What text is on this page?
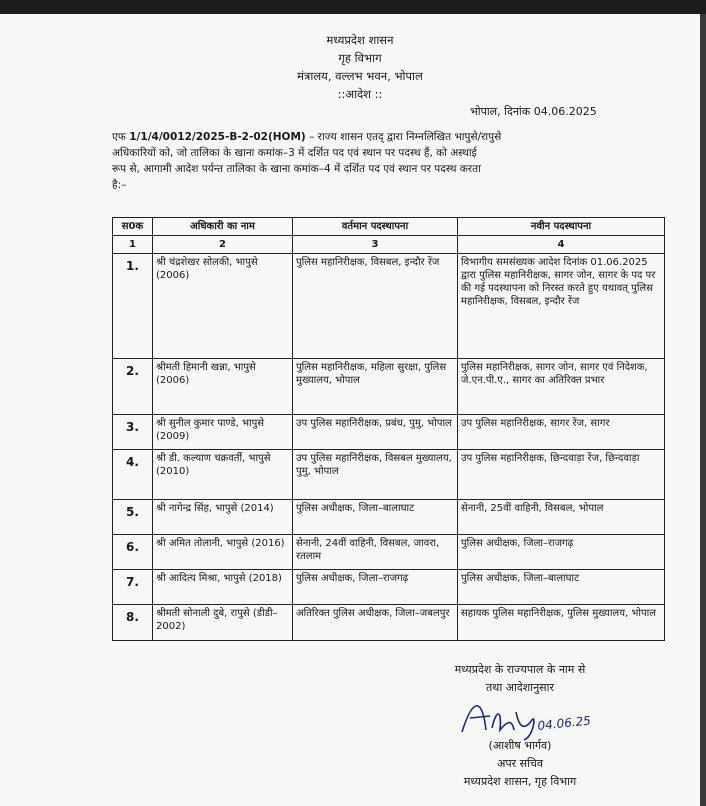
मध्यप्रदेश शासन
गृह विभाग
मंत्रालय, वल्लभ भवन, भोपाल
::आदेश ::
भोपाल, दिनांक 04.06.2025
एफ 1/1/4/0012/2025-B-2-02(HOM) – राज्य शासन एतद् द्वारा निम्नलिखित भापुसे/रापुसे
अधिकारियों को, जो तालिका के खाना कमांक–3 में दर्शित पद एवं स्थान पर पदस्थ हैं, को अस्थाई
रूप से, आगामी आदेश पर्यन्त तालिका के खाना कमांक–4 में दर्शित पद एवं स्थान पर पदस्थ करता
है:–
स0क	अधिकारी का नाम	वर्तमान पदस्थापना	नवीन पदस्थापना
1	2	3	4
1.	श्री चंद्रशेखर सोलकी, भापुसे (2006)	पुलिस महानिरीक्षक, विसबल, इन्दौर रेंज	विभागीय समसंख्यक आदेश दिनांक 01.06.2025 द्वारा पुलिस महानिरीक्षक, सागर जोन, सागर के पद पर की गई पदस्थापना को निरस्त करते हुए यथावत् पुलिस महानिरीक्षक, विसबल, इन्दौर रेंज
2.	श्रीमती हिमानी खन्ना, भापुसे (2006)	पुलिस महानिरीक्षक, महिला सुरक्षा, पुलिस मुख्यालय, भोपाल	पुलिस महानिरीक्षक, सागर जोन, सागर एवं निदेशक, जे.एन.पी.ए., सागर का अतिरिक्त प्रभार
3.	श्री सुनील कुमार पाण्डे, भापुसे (2009)	उप पुलिस महानिरीक्षक, प्रबंध, पुमु, भोपाल	उप पुलिस महानिरीक्षक, सागर रेंज, सागर
4.	श्री डी. कल्याण चक्रवर्ती, भापुसे (2010)	उप पुलिस महानिरीक्षक, विसबल मुख्यालय, पुमु, भोपाल	उप पुलिस महानिरीक्षक, छिन्दवाड़ा रेंज, छिन्दवाड़ा
5.	श्री नागेन्द्र सिंह, भापुसे (2014)	पुलिस अधीक्षक, जिला–बालाघाट	सेनानी, 25वीं वाहिनी, विसबल, भोपाल
6.	श्री अमित तोलानी, भापुसे (2016)	सेनानी, 24वीं वाहिनी, विसबल, जावरा, रतलाम	पुलिस अधीक्षक, जिला–राजगढ़
7.	श्री आदित्य मिश्रा, भापुसे (2018)	पुलिस अधीक्षक, जिला–राजगढ़	पुलिस अधीक्षक, जिला–बालाघाट
8.	श्रीमती सोनाली दुबे, रापुसे (डीडी–2002)	अतिरिक्त पुलिस अधीक्षक, जिला–जबलपुर	सहायक पुलिस महानिरीक्षक, पुलिस मुख्यालय, भोपाल
मध्यप्रदेश के राज्यपाल के नाम से
तथा आदेशानुसार
04.06.25
(आशीष भार्गव)
अपर सचिव
मध्यप्रदेश शासन, गृह विभाग
